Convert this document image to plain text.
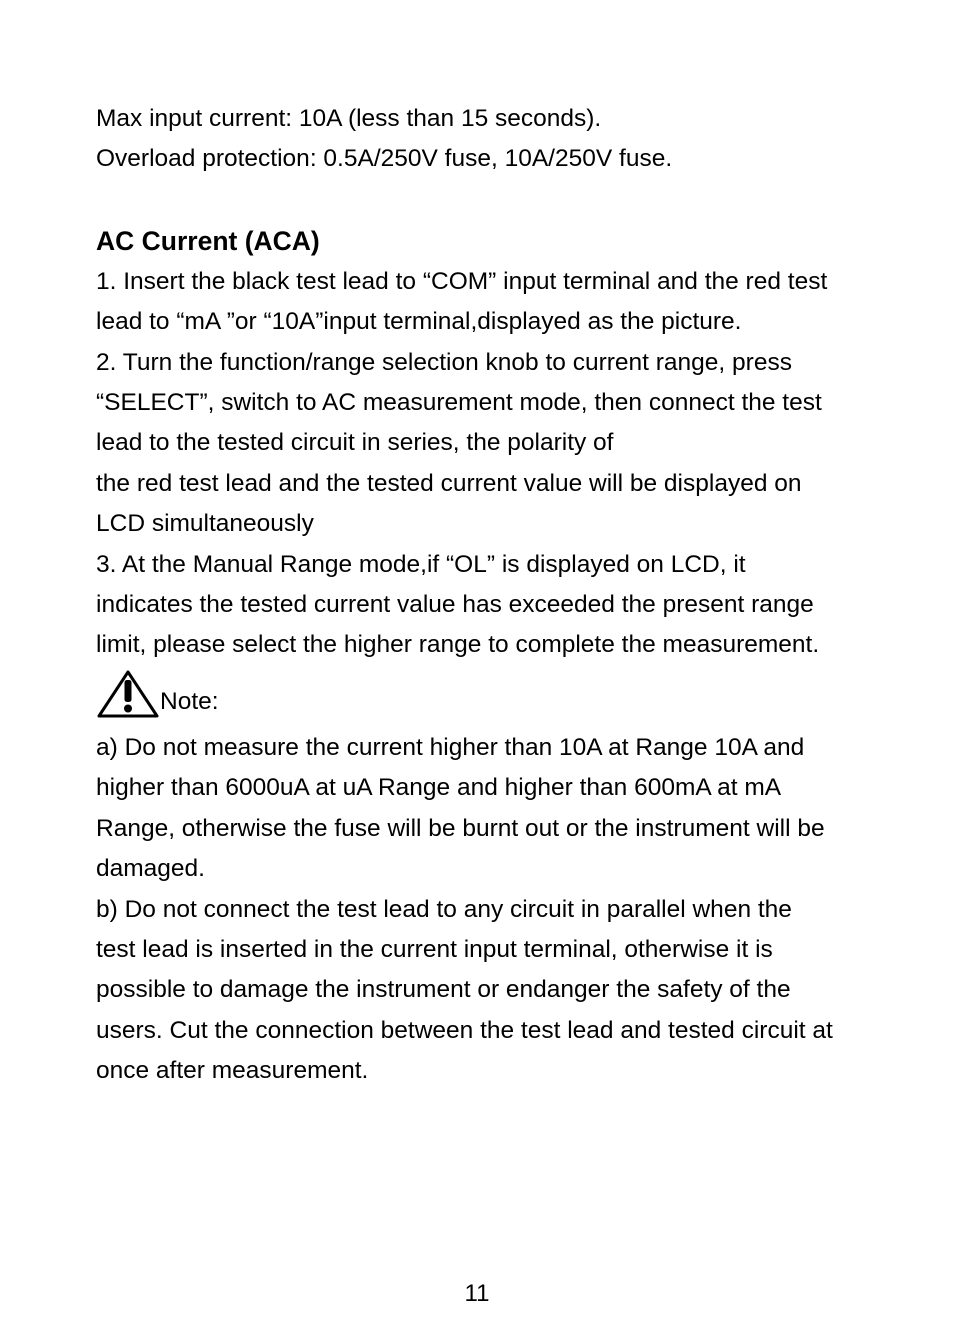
Max input current: 10A (less than 15 seconds).

Overload protection: 0.5A/250V fuse, 10A/250V fuse.

AC Current (ACA)

1. Insert the black test lead to “COM” input terminal and the red test

lead to “mA ”or “10A”input terminal,displayed as the picture.

2. Turn the function/range selection knob to current range, press

“SELECT”, switch to AC measurement mode, then connect the test

lead to the tested circuit in series, the polarity of

the red test lead and the tested current value will be displayed on

LCD simultaneously

3. At the Manual Range mode,if “OL” is displayed on LCD, it

indicates the tested current value has exceeded the present range

limit, please select the higher range to complete the measurement.

Note:

a) Do not measure the current higher than 10A at Range 10A and

higher than 6000uA at uA Range and higher than 600mA at mA

Range, otherwise the fuse will be burnt out or the instrument will be

damaged.

b) Do not connect the test lead to any circuit in parallel when the

test lead is inserted in the current input terminal, otherwise it is

possible to damage the instrument or endanger the safety of the

users. Cut the connection between the test lead and tested circuit at

once after measurement.

11
